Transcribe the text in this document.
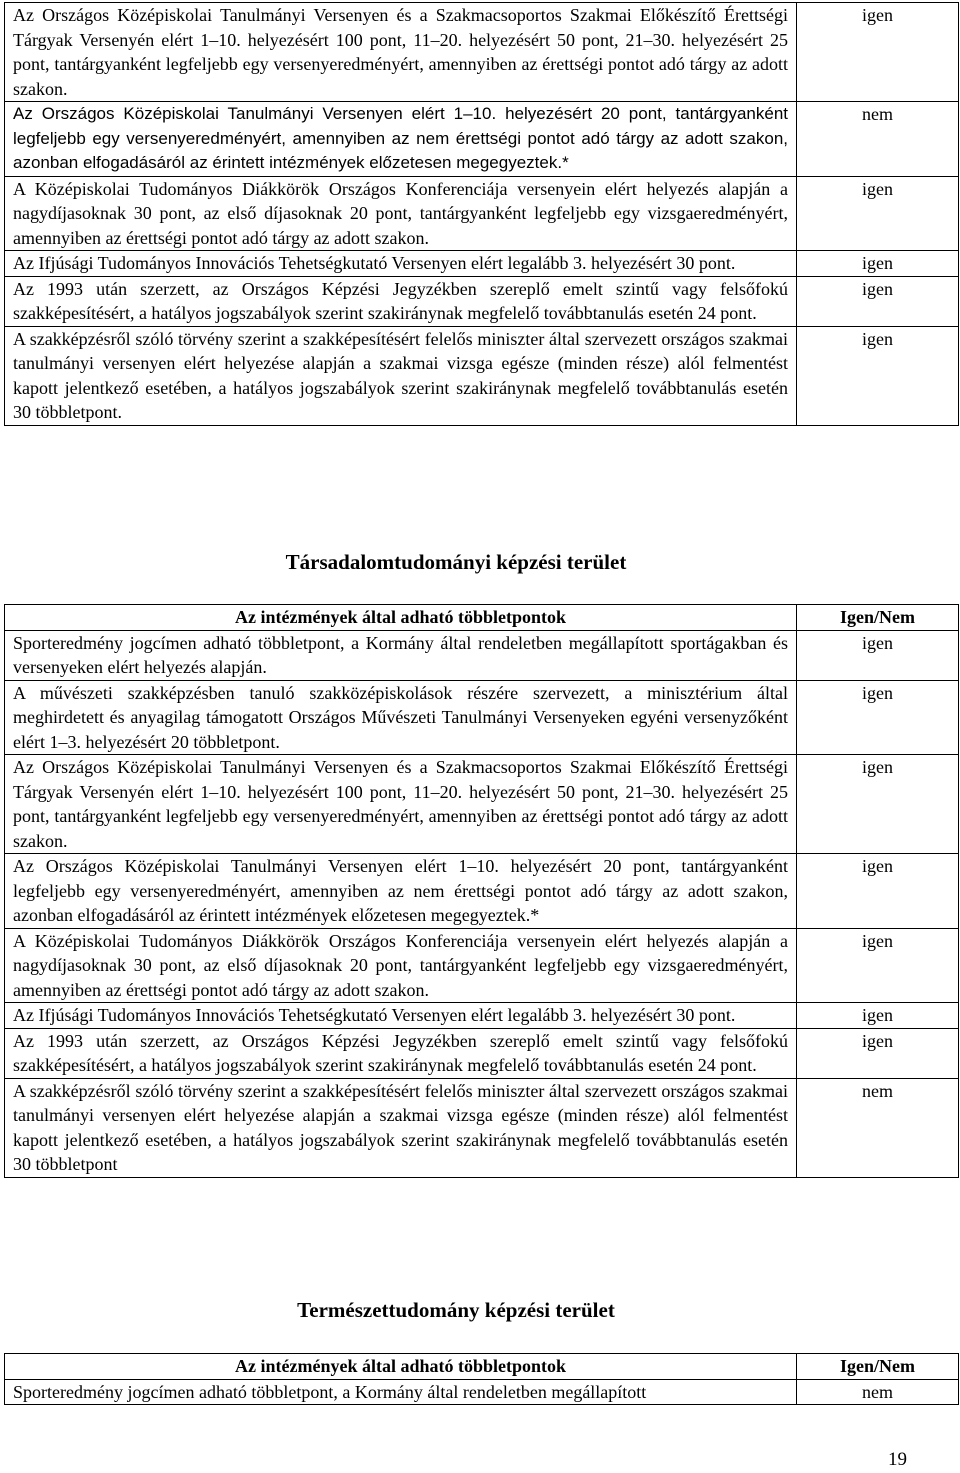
Az Országos Középiskolai Tanulmányi Versenyen és a Szakmacsoportos Szakmai Előkészítő Érettségi Tárgyak Versenyén elért 1–10. helyezésért 100 pont, 11–20. helyezésért 50 pont, 21–30. helyezésért 25 pont, tantárgyanként legfeljebb egy versenyeredményért, amennyiben az érettségi pontot adó tárgy az adott szakon.	igen
Az Országos Középiskolai Tanulmányi Versenyen elért 1–10. helyezésért 20 pont, tantárgyanként legfeljebb egy versenyeredményért, amennyiben az nem érettségi pontot adó tárgy az adott szakon, azonban elfogadásáról az érintett intézmények előzetesen megegyeztek.*	nem
A Középiskolai Tudományos Diákkörök Országos Konferenciája versenyein elért helyezés alapján a nagydíjasoknak 30 pont, az első díjasoknak 20 pont, tantárgyanként legfeljebb egy vizsgaeredményért, amennyiben az érettségi pontot adó tárgy az adott szakon.	igen
Az Ifjúsági Tudományos Innovációs Tehetségkutató Versenyen elért legalább 3. helyezésért 30 pont.	igen
Az 1993 után szerzett, az Országos Képzési Jegyzékben szereplő emelt szintű vagy felsőfokú szakképesítésért, a hatályos jogszabályok szerint szakiránynak megfelelő továbbtanulás esetén 24 pont.	igen
A szakképzésről szóló törvény szerint a szakképesítésért felelős miniszter által szervezett országos szakmai tanulmányi versenyen elért helyezése alapján a szakmai vizsga egésze (minden része) alól felmentést kapott jelentkező esetében, a hatályos jogszabályok szerint szakiránynak megfelelő továbbtanulás esetén 30 többletpont.	igen
Társadalomtudományi képzési terület
Az intézmények által adható többletpontok	Igen/Nem
Sporteredmény jogcímen adható többletpont, a Kormány által rendeletben megállapított sportágakban és versenyeken elért helyezés alapján.	igen
A művészeti szakképzésben tanuló szakközépiskolások részére szervezett, a minisztérium által meghirdetett és anyagilag támogatott Országos Művészeti Tanulmányi Versenyeken egyéni versenyzőként elért 1–3. helyezésért 20 többletpont.	igen
Az Országos Középiskolai Tanulmányi Versenyen és a Szakmacsoportos Szakmai Előkészítő Érettségi Tárgyak Versenyén elért 1–10. helyezésért 100 pont, 11–20. helyezésért 50 pont, 21–30. helyezésért 25 pont, tantárgyanként legfeljebb egy versenyeredményért, amennyiben az érettségi pontot adó tárgy az adott szakon.	igen
Az Országos Középiskolai Tanulmányi Versenyen elért 1–10. helyezésért 20 pont, tantárgyanként legfeljebb egy versenyeredményért, amennyiben az nem érettségi pontot adó tárgy az adott szakon, azonban elfogadásáról az érintett intézmények előzetesen megegyeztek.*	igen
A Középiskolai Tudományos Diákkörök Országos Konferenciája versenyein elért helyezés alapján a nagydíjasoknak 30 pont, az első díjasoknak 20 pont, tantárgyanként legfeljebb egy vizsgaeredményért, amennyiben az érettségi pontot adó tárgy az adott szakon.	igen
Az Ifjúsági Tudományos Innovációs Tehetségkutató Versenyen elért legalább 3. helyezésért 30 pont.	igen
Az 1993 után szerzett, az Országos Képzési Jegyzékben szereplő emelt szintű vagy felsőfokú szakképesítésért, a hatályos jogszabályok szerint szakiránynak megfelelő továbbtanulás esetén 24 pont.	igen
A szakképzésről szóló törvény szerint a szakképesítésért felelős miniszter által szervezett országos szakmai tanulmányi versenyen elért helyezése alapján a szakmai vizsga egésze (minden része) alól felmentést kapott jelentkező esetében, a hatályos jogszabályok szerint szakiránynak megfelelő továbbtanulás esetén 30 többletpont	nem
Természettudomány képzési terület
Az intézmények által adható többletpontok	Igen/Nem
Sporteredmény jogcímen adható többletpont, a Kormány által rendeletben megállapított	nem
19
